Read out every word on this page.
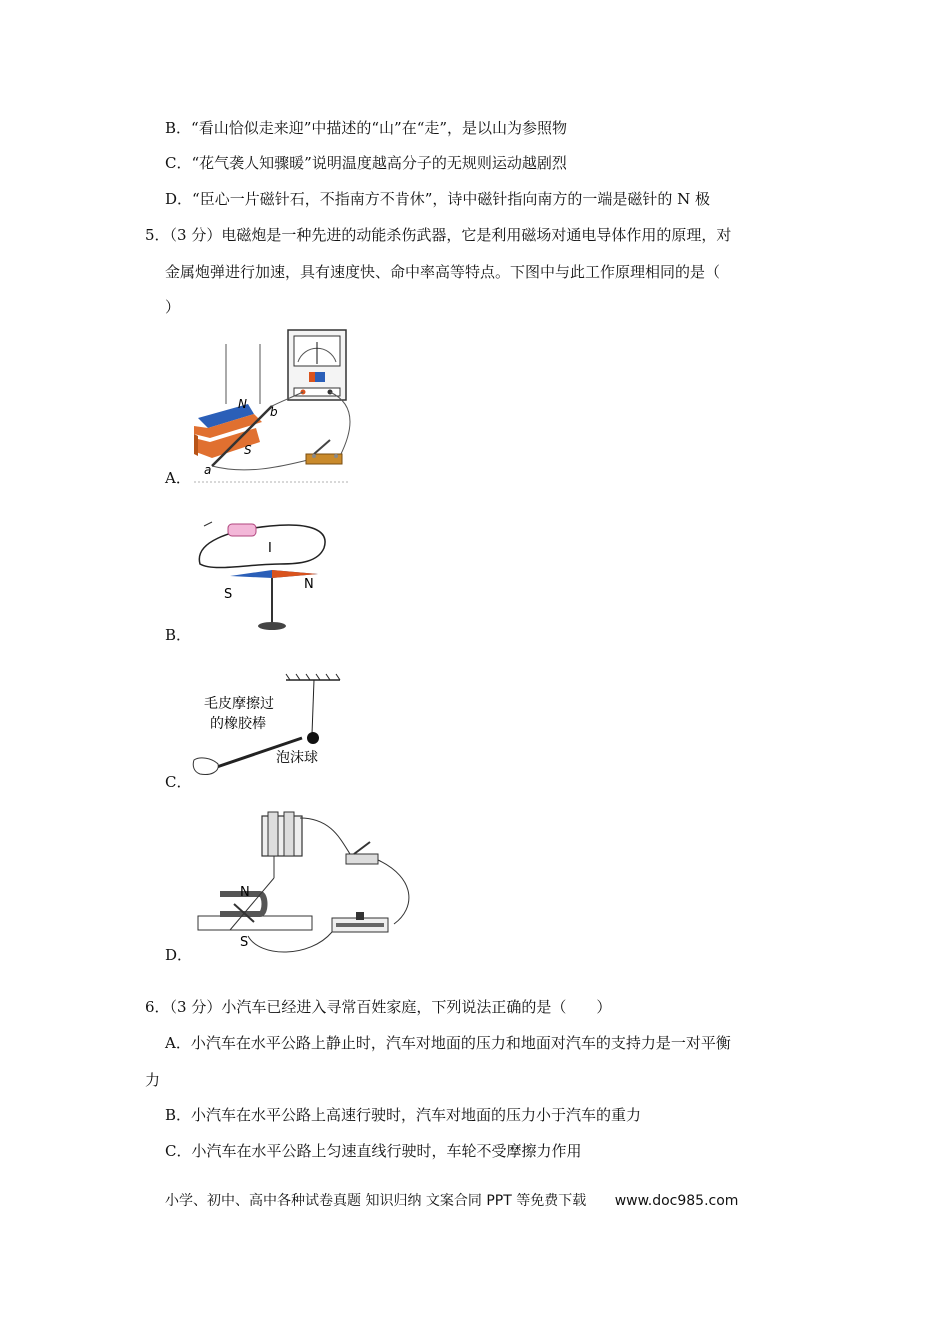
B．“看山恰似走来迎”中描述的“山”在“走”，是以山为参照物
C．“花气袭人知骤暖”说明温度越高分子的无规则运动越剧烈
D．“臣心一片磁针石，不指南方不肯休”，诗中磁针指向南方的一端是磁针的 N 极
5．（3 分）电磁炮是一种先进的动能杀伤武器，它是利用磁场对通电导体作用的原理，对
金属炮弹进行加速，具有速度快、命中率高等特点。下图中与此工作原理相同的是（
）
N
S
a
b
A．
I
S
N
B．
毛皮摩擦过
的橡胶棒
泡沫球
C．
N
S
D．
6．（3 分）小汽车已经进入寻常百姓家庭，下列说法正确的是（　　）
A．小汽车在水平公路上静止时，汽车对地面的压力和地面对汽车的支持力是一对平衡
力
B．小汽车在水平公路上高速行驶时，汽车对地面的压力小于汽车的重力
C．小汽车在水平公路上匀速直线行驶时，车轮不受摩擦力作用
小学、初中、高中各种试卷真题 知识归纳 文案合同 PPT 等免费下载 www.doc985.com
